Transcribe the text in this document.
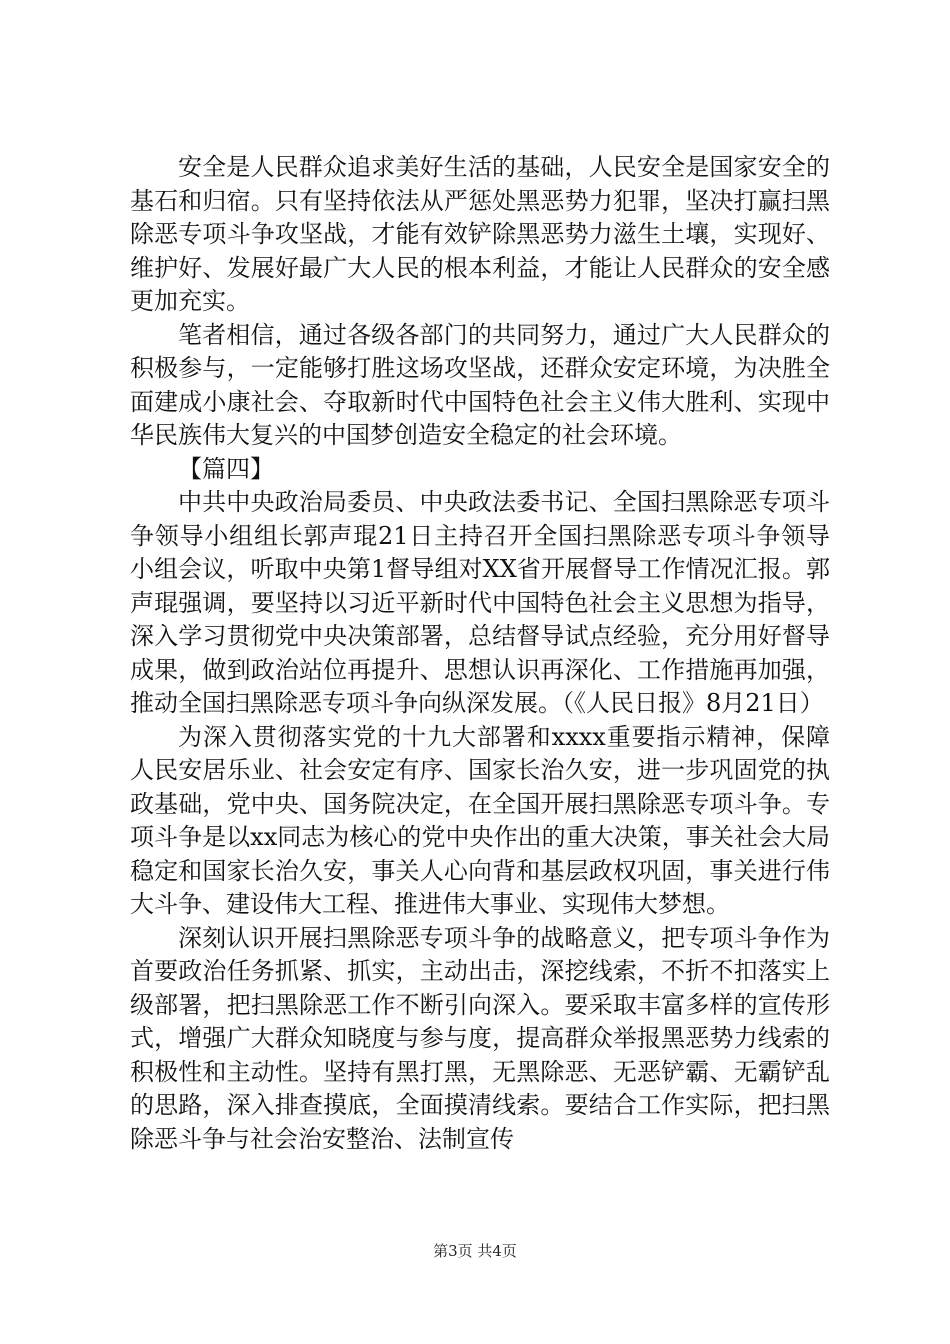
安全是人民群众追求美好生活的基础，人民安全是国家安全的基石和归宿。只有坚持依法从严惩处黑恶势力犯罪，坚决打赢扫黑除恶专项斗争攻坚战，才能有效铲除黑恶势力滋生土壤，实现好、维护好、发展好最广大人民的根本利益，才能让人民群众的安全感更加充实。

笔者相信，通过各级各部门的共同努力，通过广大人民群众的积极参与，一定能够打胜这场攻坚战，还群众安定环境，为决胜全面建成小康社会、夺取新时代中国特色社会主义伟大胜利、实现中华民族伟大复兴的中国梦创造安全稳定的社会环境。

【篇四】

中共中央政治局委员、中央政法委书记、全国扫黑除恶专项斗争领导小组组长郭声琨21日主持召开全国扫黑除恶专项斗争领导小组会议，听取中央第1督导组对XX省开展督导工作情况汇报。郭声琨强调，要坚持以习近平新时代中国特色社会主义思想为指导，深入学习贯彻党中央决策部署，总结督导试点经验，充分用好督导成果，做到政治站位再提升、思想认识再深化、工作措施再加强，推动全国扫黑除恶专项斗争向纵深发展。（《人民日报》8月21日）

为深入贯彻落实党的十九大部署和xxxx重要指示精神，保障人民安居乐业、社会安定有序、国家长治久安，进一步巩固党的执政基础，党中央、国务院决定，在全国开展扫黑除恶专项斗争。专项斗争是以xx同志为核心的党中央作出的重大决策，事关社会大局稳定和国家长治久安，事关人心向背和基层政权巩固，事关进行伟大斗争、建设伟大工程、推进伟大事业、实现伟大梦想。

深刻认识开展扫黑除恶专项斗争的战略意义，把专项斗争作为首要政治任务抓紧、抓实，主动出击，深挖线索，不折不扣落实上级部署，把扫黑除恶工作不断引向深入。要采取丰富多样的宣传形式，增强广大群众知晓度与参与度，提高群众举报黑恶势力线索的积极性和主动性。坚持有黑打黑，无黑除恶、无恶铲霸、无霸铲乱的思路，深入排查摸底，全面摸清线索。要结合工作实际，把扫黑除恶斗争与社会治安整治、法制宣传

第3页 共4页
